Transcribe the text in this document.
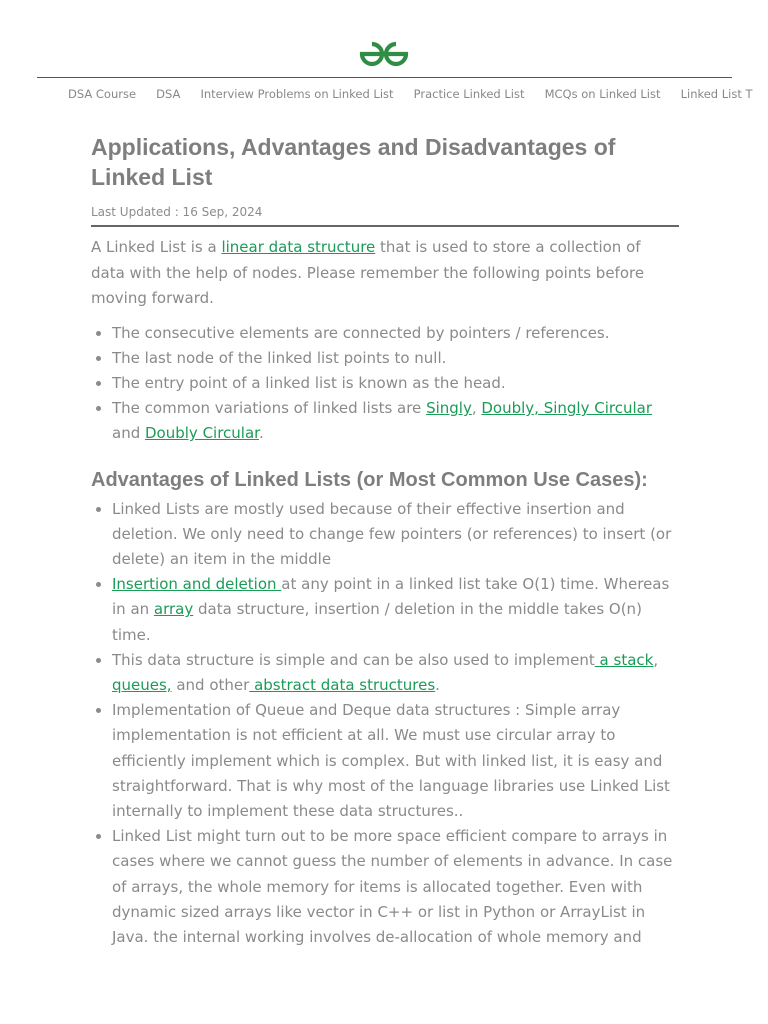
DSA Course DSA Interview Problems on Linked List Practice Linked List MCQs on Linked List Linked List T
Applications, Advantages and Disadvantages of Linked List
Last Updated : 16 Sep, 2024

A Linked List is a linear data structure that is used to store a collection of data with the help of nodes. Please remember the following points before moving forward.

• The consecutive elements are connected by pointers / references.
• The last node of the linked list points to null.
• The entry point of a linked list is known as the head.
• The common variations of linked lists are Singly, Doubly, Singly Circular and Doubly Circular.
Advantages of Linked Lists (or Most Common Use Cases):
• Linked Lists are mostly used because of their effective insertion and deletion. We only need to change few pointers (or references) to insert (or delete) an item in the middle
• Insertion and deletion at any point in a linked list take O(1) time. Whereas in an array data structure, insertion / deletion in the middle takes O(n) time.
• This data structure is simple and can be also used to implement a stack, queues, and other abstract data structures.
• Implementation of Queue and Deque data structures : Simple array implementation is not efficient at all. We must use circular array to efficiently implement which is complex. But with linked list, it is easy and straightforward. That is why most of the language libraries use Linked List internally to implement these data structures..
• Linked List might turn out to be more space efficient compare to arrays in cases where we cannot guess the number of elements in advance. In case of arrays, the whole memory for items is allocated together. Even with dynamic sized arrays like vector in C++ or list in Python or ArrayList in Java. the internal working involves de-allocation of whole memory and
